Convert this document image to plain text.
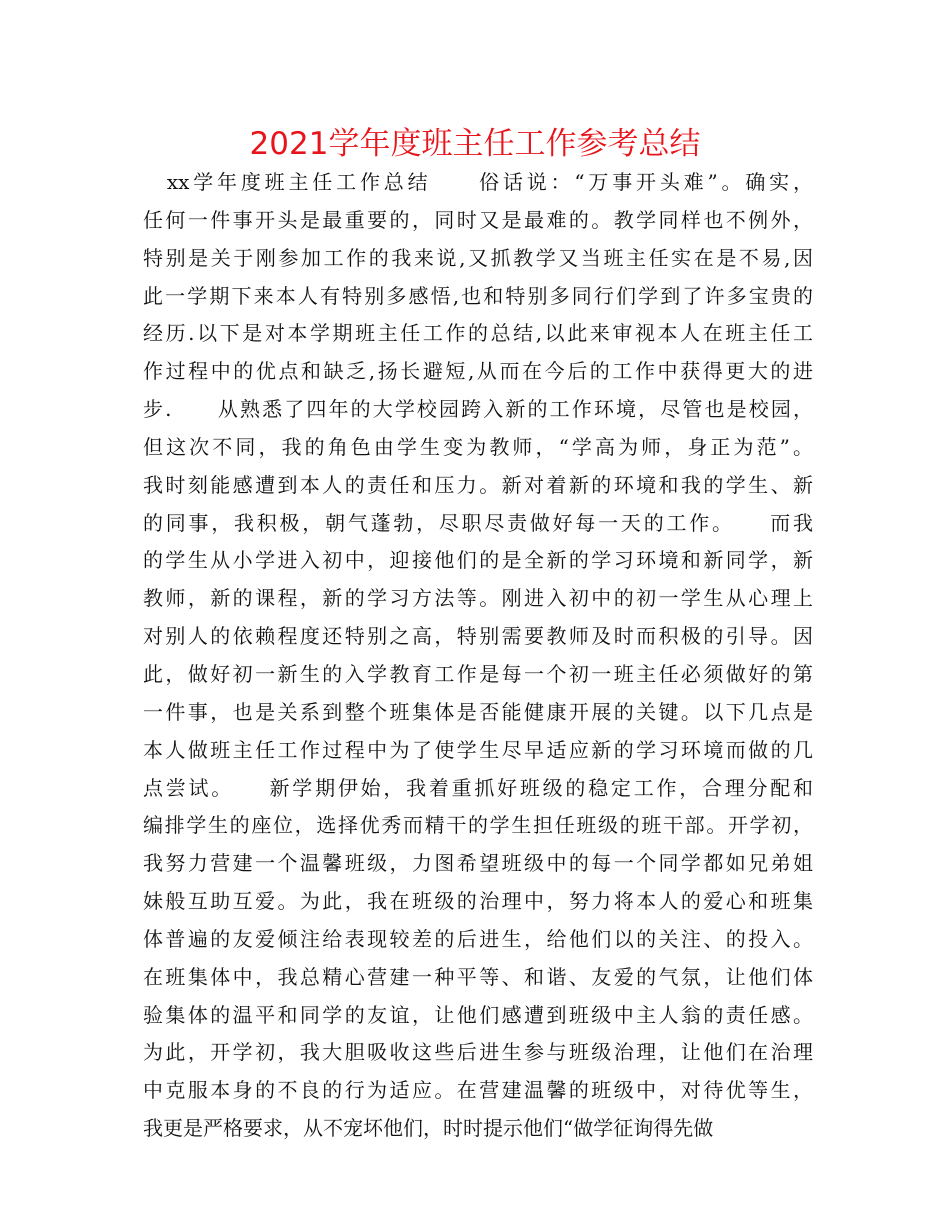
2021学年度班主任工作参考总结
　xx学年度班主任工作总结　　俗话说：“万事开头难”。确实，
任何一件事开头是最重要的，同时又是最难的。教学同样也不例外，
特别是关于刚参加工作的我来说,又抓教学又当班主任实在是不易,因
此一学期下来本人有特别多感悟,也和特别多同行们学到了许多宝贵的
经历.以下是对本学期班主任工作的总结,以此来审视本人在班主任工
作过程中的优点和缺乏,扬长避短,从而在今后的工作中获得更大的进
步.　　从熟悉了四年的大学校园跨入新的工作环境，尽管也是校园，
但这次不同，我的角色由学生变为教师，“学高为师，身正为范”。
我时刻能感遭到本人的责任和压力。新对着新的环境和我的学生、新
的同事，我积极，朝气蓬勃，尽职尽责做好每一天的工作。　　而我
的学生从小学进入初中，迎接他们的是全新的学习环境和新同学，新
教师，新的课程，新的学习方法等。刚进入初中的初一学生从心理上
对别人的依赖程度还特别之高，特别需要教师及时而积极的引导。因
此，做好初一新生的入学教育工作是每一个初一班主任必须做好的第
一件事，也是关系到整个班集体是否能健康开展的关键。以下几点是
本人做班主任工作过程中为了使学生尽早适应新的学习环境而做的几
点尝试。　　新学期伊始，我着重抓好班级的稳定工作，合理分配和
编排学生的座位，选择优秀而精干的学生担任班级的班干部。开学初，
我努力营建一个温馨班级，力图希望班级中的每一个同学都如兄弟姐
妹般互助互爱。为此，我在班级的治理中，努力将本人的爱心和班集
体普遍的友爱倾注给表现较差的后进生，给他们以的关注、的投入。
在班集体中，我总精心营建一种平等、和谐、友爱的气氛，让他们体
验集体的温平和同学的友谊，让他们感遭到班级中主人翁的责任感。
为此，开学初，我大胆吸收这些后进生参与班级治理，让他们在治理
中克服本身的不良的行为适应。在营建温馨的班级中，对待优等生，
我更是严格要求，从不宠坏他们，时时提示他们“做学征询得先做
